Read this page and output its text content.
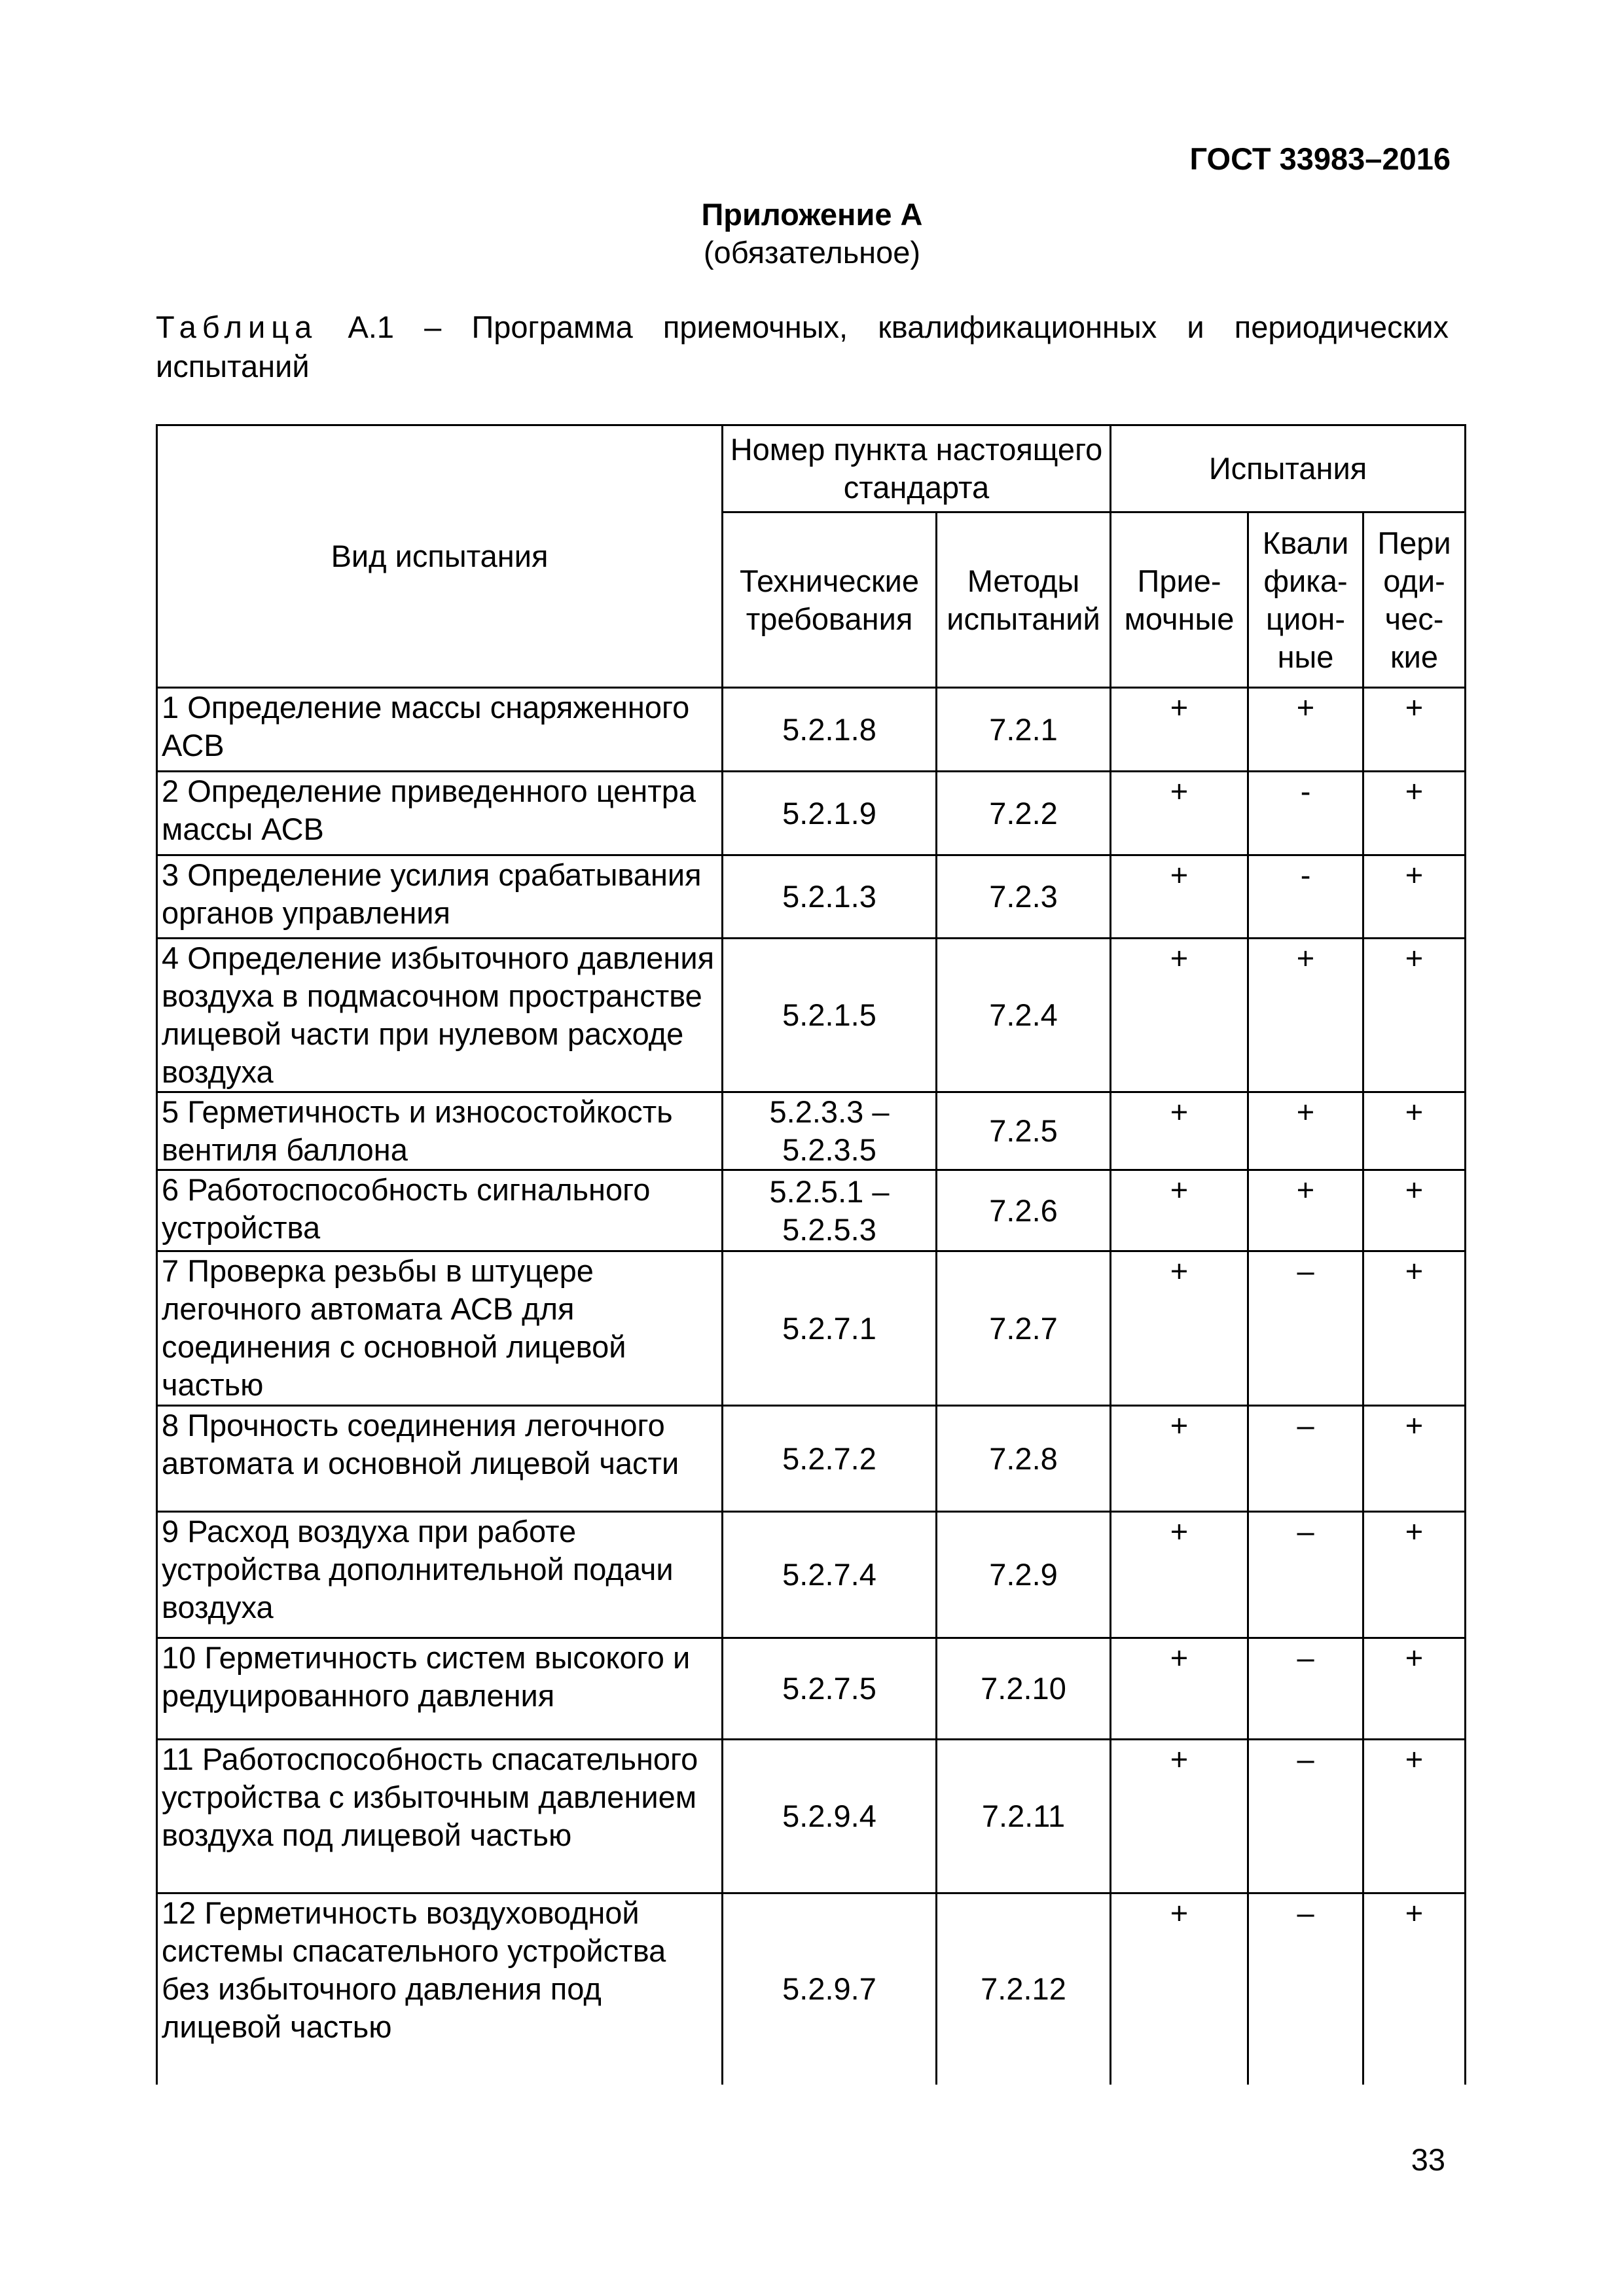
ГОСТ 33983–2016
Приложение А
(обязательное)
Таблица А.1 – Программа приемочных, квалификационных и периодических испытаний
Вид испытания	Номер пункта настоящего стандарта		Испытания		
	Технические требования	Методы испытаний	Прие-мочные	Квали фика-цион-ные	Пери оди-чес-кие
1 Определение массы снаряженного АСВ	5.2.1.8	7.2.1	+	+	+
2 Определение приведенного центра массы АСВ	5.2.1.9	7.2.2	+	-	+
3 Определение усилия срабатывания органов управления	5.2.1.3	7.2.3	+	-	+
4 Определение избыточного давления воздуха в подмасочном пространстве лицевой части при нулевом расходе воздуха	5.2.1.5	7.2.4	+	+	+
5 Герметичность и износостойкость вентиля баллона	5.2.3.3 – 5.2.3.5	7.2.5	+	+	+
6 Работоспособность сигнального устройства	5.2.5.1 – 5.2.5.3	7.2.6	+	+	+
7 Проверка резьбы в штуцере легочного автомата АСВ для соединения с основной лицевой частью	5.2.7.1	7.2.7	+	–	+
8 Прочность соединения легочного автомата и основной лицевой части	5.2.7.2	7.2.8	+	–	+
9 Расход воздуха при работе устройства дополнительной подачи воздуха	5.2.7.4	7.2.9	+	–	+
10 Герметичность систем высокого и редуцированного давления	5.2.7.5	7.2.10	+	–	+
11 Работоспособность спасательного устройства с избыточным давлением воздуха под лицевой частью	5.2.9.4	7.2.11	+	–	+
12 Герметичность воздуховодной системы спасательного устройства без избыточного давления под лицевой частью	5.2.9.7	7.2.12	+	–	+
33
